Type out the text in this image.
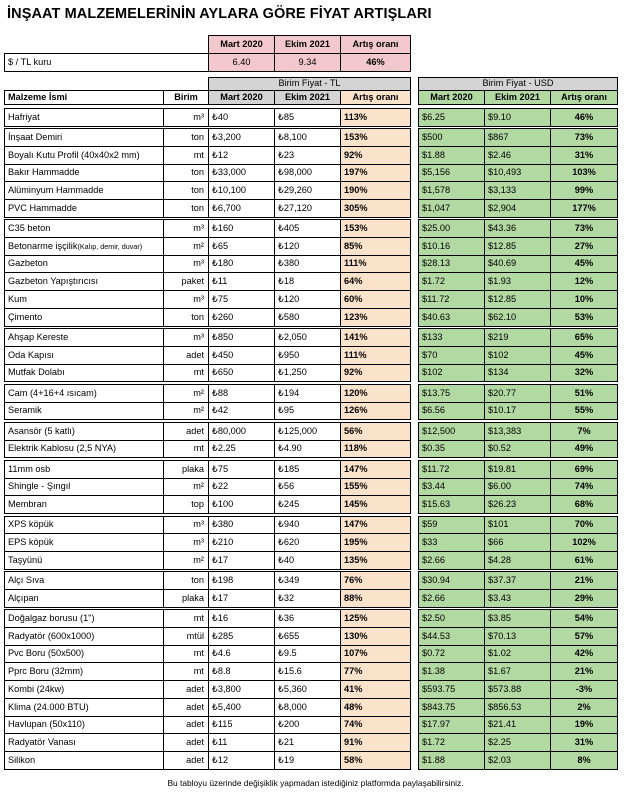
İNŞAAT MALZEMELERİNİN AYLARA GÖRE FİYAT ARTIŞLARI
Mart 2020	Ekim 2021	Artış oranı
$ / TL kuru	6.40	9.34	46%
Birim Fiyat - TL	Birim Fiyat - USD
Malzeme İsmi	Birim	Mart 2020	Ekim 2021	Artış oranı	Mart 2020	Ekim 2021	Artış oranı
Hafriyat	m³ ₺40	₺85	113%	$6.25	$9.10	46%
İnşaat Demiri	ton ₺3,200	₺8,100	153%	$500	$867	73%
Boyalı Kutu Profil (40x40x2 mm)	mt ₺12	₺23	92%	$1.88	$2.46	31%
Bakır Hammadde	ton ₺33,000	₺98,000	197%	$5,156	$10,493	103%
Alüminyum Hammadde	ton ₺10,100	₺29,260	190%	$1,578	$3,133	99%
PVC Hammadde	ton ₺6,700	₺27,120	305%	$1,047	$2,904	177%
C35 beton	m³ ₺160	₺405	153%	$25.00	$43.36	73%
Betonarme işçilik (Kalıp, demir, duvar)	m² ₺65	₺120	85%	$10.16	$12.85	27%
Gazbeton	m³ ₺180	₺380	111%	$28.13	$40.69	45%
Gazbeton Yapıştırıcısı	paket ₺11	₺18	64%	$1.72	$1.93	12%
Kum	m³ ₺75	₺120	60%	$11.72	$12.85	10%
Çimento	ton ₺260	₺580	123%	$40.63	$62.10	53%
Ahşap Kereste	m³ ₺850	₺2,050	141%	$133	$219	65%
Oda Kapısı	adet ₺450	₺950	111%	$70	$102	45%
Mutfak Dolabı	mt ₺650	₺1,250	92%	$102	$134	32%
Cam (4+16+4 ısıcam)	m² ₺88	₺194	120%	$13.75	$20.77	51%
Seramik	m² ₺42	₺95	126%	$6.56	$10.17	55%
Asansör (5 katlı)	adet ₺80,000	₺125,000	56%	$12,500	$13,383	7%
Elektrik Kablosu (2,5 NYA)	mt ₺2.25	₺4.90	118%	$0.35	$0.52	49%
11mm osb	plaka ₺75	₺185	147%	$11.72	$19.81	69%
Shingle - Şıngıl	m² ₺22	₺56	155%	$3.44	$6.00	74%
Membran	top ₺100	₺245	145%	$15.63	$26.23	68%
XPS köpük	m³ ₺380	₺940	147%	$59	$101	70%
EPS köpük	m³ ₺210	₺620	195%	$33	$66	102%
Taşyünü	m² ₺17	₺40	135%	$2.66	$4.28	61%
Alçı Sıva	ton ₺198	₺349	76%	$30.94	$37.37	21%
Alçıpan	plaka ₺17	₺32	88%	$2.66	$3.43	29%
Doğalgaz borusu (1")	mt ₺16	₺36	125%	$2.50	$3.85	54%
Radyatör (600x1000)	mtül ₺285	₺655	130%	$44.53	$70.13	57%
Pvc Boru (50x500)	mt ₺4.6	₺9.5	107%	$0.72	$1.02	42%
Pprc Boru (32mm)	mt ₺8.8	₺15.6	77%	$1.38	$1.67	21%
Kombi (24kw)	adet ₺3,800	₺5,360	41%	$593.75	$573.88	-3%
Klima (24.000 BTU)	adet ₺5,400	₺8,000	48%	$843.75	$856.53	2%
Havlupan (50x110)	adet ₺115	₺200	74%	$17.97	$21.41	19%
Radyatör Vanası	adet ₺11	₺21	91%	$1.72	$2.25	31%
Silikon	adet ₺12	₺19	58%	$1.88	$2.03	8%
Bu tabloyu üzerinde değişiklik yapmadan istediğiniz platformda paylaşabilirsiniz.
